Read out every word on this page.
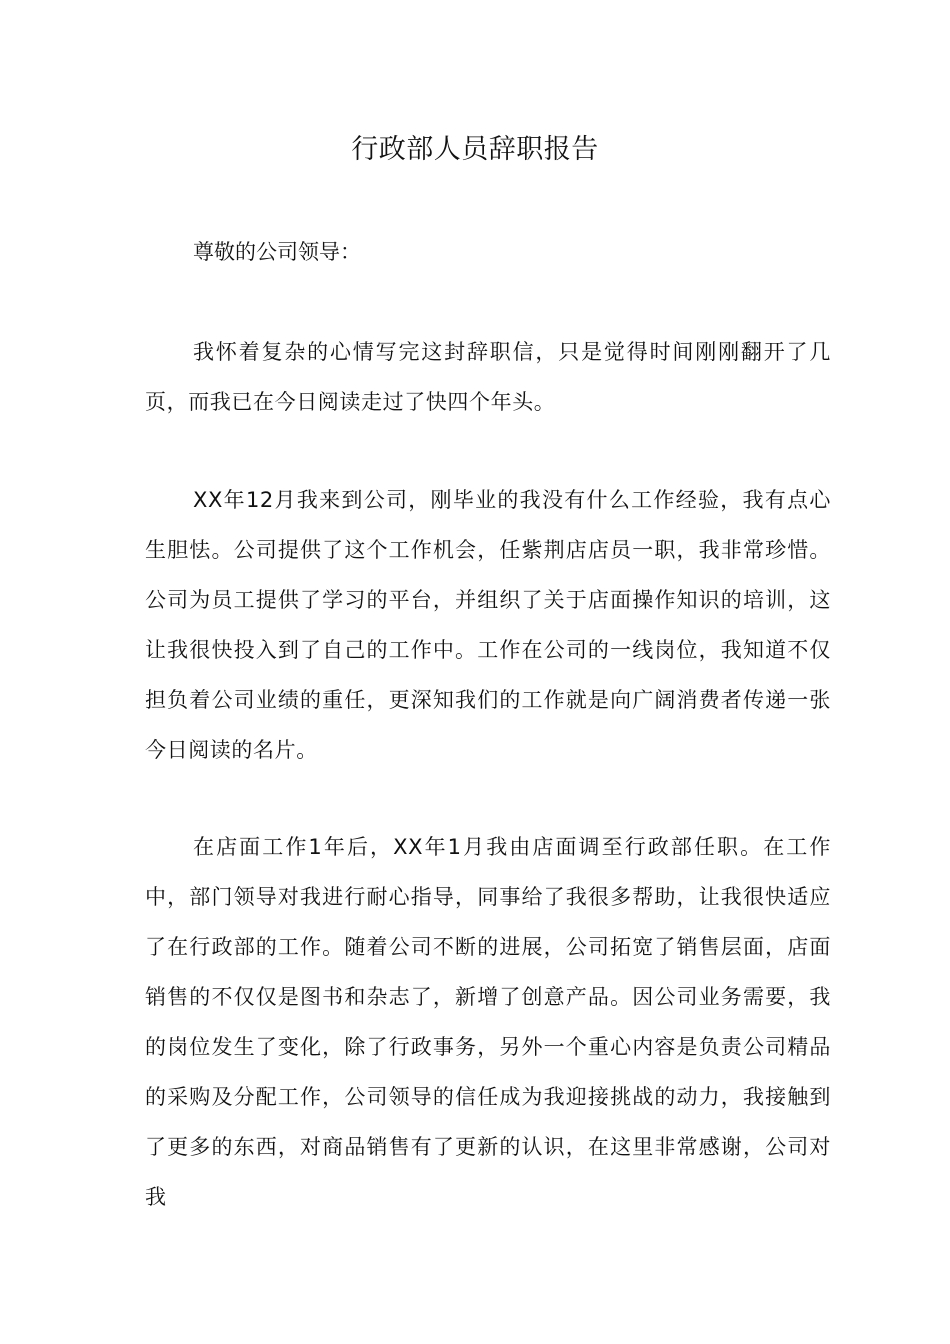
行政部人员辞职报告

尊敬的公司领导：

我怀着复杂的心情写完这封辞职信，只是觉得时间刚刚翻开了几页，而我已在今日阅读走过了快四个年头。

XX年12月我来到公司，刚毕业的我没有什么工作经验，我有点心生胆怯。公司提供了这个工作机会，任紫荆店店员一职，我非常珍惜。公司为员工提供了学习的平台，并组织了关于店面操作知识的培训，这让我很快投入到了自己的工作中。工作在公司的一线岗位，我知道不仅担负着公司业绩的重任，更深知我们的工作就是向广阔消费者传递一张今日阅读的名片。

在店面工作1年后，XX年1月我由店面调至行政部任职。在工作中，部门领导对我进行耐心指导，同事给了我很多帮助，让我很快适应了在行政部的工作。随着公司不断的进展，公司拓宽了销售层面，店面销售的不仅仅是图书和杂志了，新增了创意产品。因公司业务需要，我的岗位发生了变化，除了行政事务，另外一个重心内容是负责公司精品的采购及分配工作，公司领导的信任成为我迎接挑战的动力，我接触到了更多的东西，对商品销售有了更新的认识，在这里非常感谢，公司对我
